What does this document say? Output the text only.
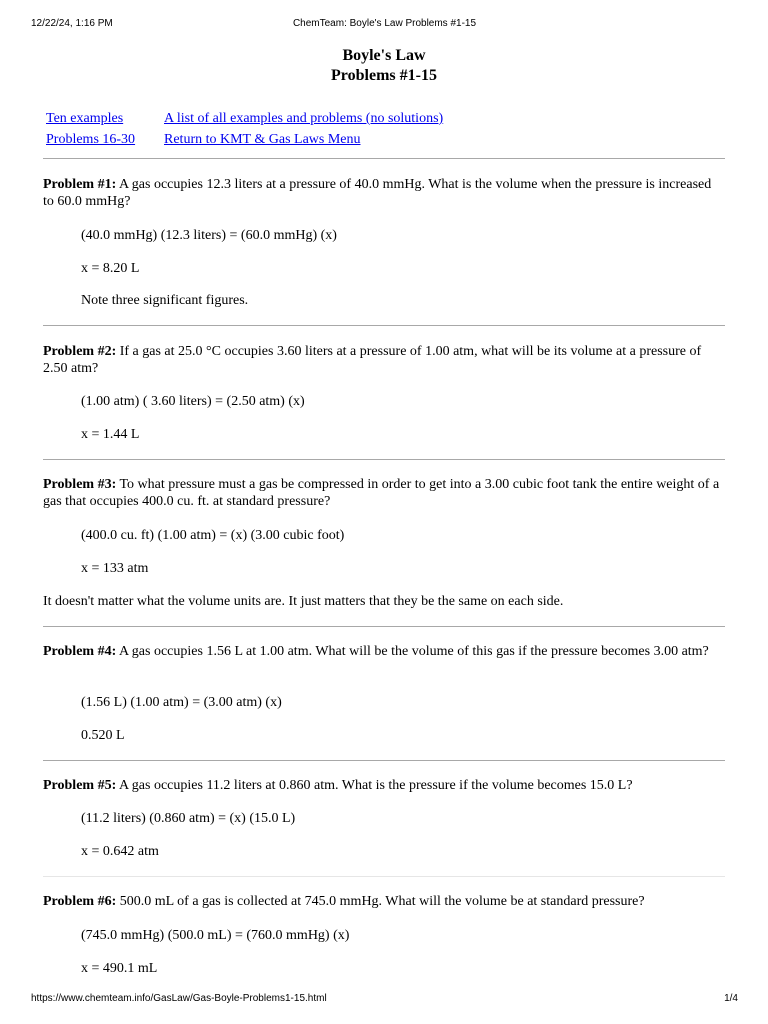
12/22/24, 1:16 PM	ChemTeam: Boyle's Law Problems #1-15
Boyle's Law
Problems #1-15
Ten examples	A list of all examples and problems (no solutions)
Problems 16-30	Return to KMT & Gas Laws Menu
Problem #1: A gas occupies 12.3 liters at a pressure of 40.0 mmHg. What is the volume when the pressure is increased to 60.0 mmHg?
(40.0 mmHg) (12.3 liters) = (60.0 mmHg) (x)
x = 8.20 L
Note three significant figures.
Problem #2: If a gas at 25.0 °C occupies 3.60 liters at a pressure of 1.00 atm, what will be its volume at a pressure of 2.50 atm?
(1.00 atm) ( 3.60 liters) = (2.50 atm) (x)
x = 1.44 L
Problem #3: To what pressure must a gas be compressed in order to get into a 3.00 cubic foot tank the entire weight of a gas that occupies 400.0 cu. ft. at standard pressure?
(400.0 cu. ft) (1.00 atm) = (x) (3.00 cubic foot)
x = 133 atm
It doesn't matter what the volume units are. It just matters that they be the same on each side.
Problem #4: A gas occupies 1.56 L at 1.00 atm. What will be the volume of this gas if the pressure becomes 3.00 atm?
(1.56 L) (1.00 atm) = (3.00 atm) (x)
0.520 L
Problem #5: A gas occupies 11.2 liters at 0.860 atm. What is the pressure if the volume becomes 15.0 L?
(11.2 liters) (0.860 atm) = (x) (15.0 L)
x = 0.642 atm
Problem #6: 500.0 mL of a gas is collected at 745.0 mmHg. What will the volume be at standard pressure?
(745.0 mmHg) (500.0 mL) = (760.0 mmHg) (x)
x = 490.1 mL
https://www.chemteam.info/GasLaw/Gas-Boyle-Problems1-15.html	1/4
